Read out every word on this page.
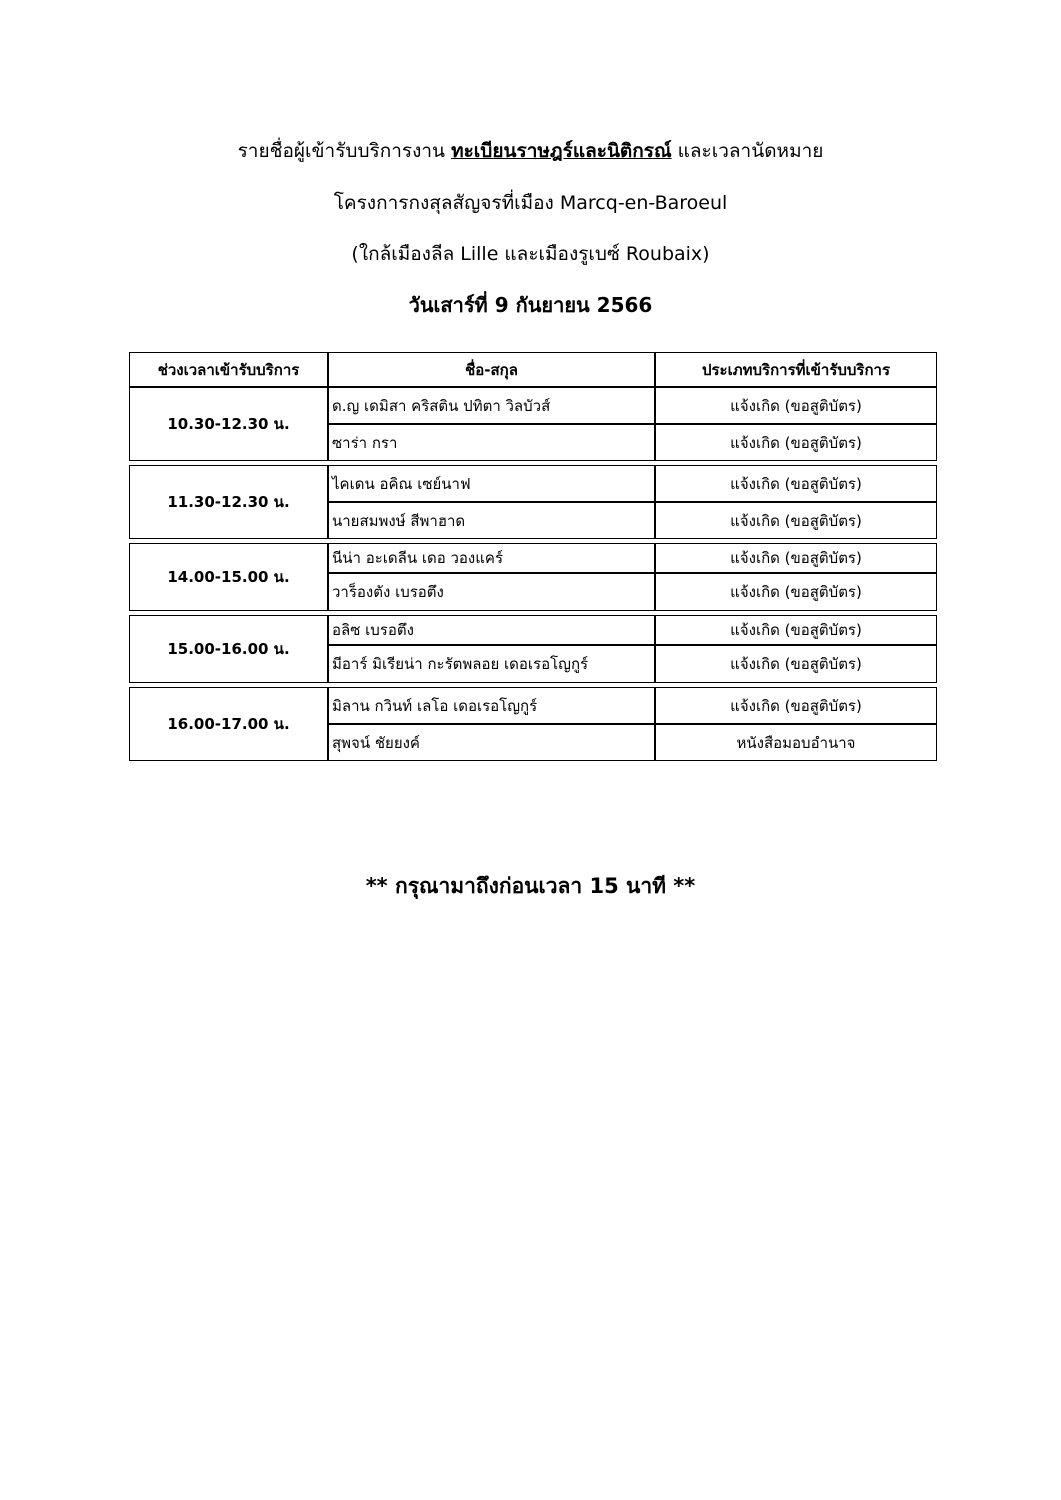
รายชื่อผู้เข้ารับบริการงาน ทะเบียนราษฎร์และนิติกรณ์ และเวลานัดหมาย
โครงการกงสุลสัญจรที่เมือง Marcq-en-Baroeul
(ใกล้เมืองลีล Lille และเมืองรูเบซ์ Roubaix)
วันเสาร์ที่ 9 กันยายน 2566
ช่วงเวลาเข้ารับบริการ	ชื่อ-สกุล	ประเภทบริการที่เข้ารับบริการ
10.30-12.30 น.
ด.ญ เดมิสา คริสติน ปทิตา วิลบัวส์	แจ้งเกิด (ขอสูติบัตร)
ซาร่า กรา	แจ้งเกิด (ขอสูติบัตร)
11.30-12.30 น.
ไคเดน อคิณ เซย์นาฟ	แจ้งเกิด (ขอสูติบัตร)
นายสมพงษ์ สีพาฮาด	แจ้งเกิด (ขอสูติบัตร)
14.00-15.00 น.
นีน่า อะเดลีน เดอ วองแคร์	แจ้งเกิด (ขอสูติบัตร)
วาร็องตัง เบรอตึง	แจ้งเกิด (ขอสูติบัตร)
15.00-16.00 น.
อลิซ เบรอตึง	แจ้งเกิด (ขอสูติบัตร)
มีอาร์ มิเรียน่า กะรัตพลอย เดอเรอโญกูร์	แจ้งเกิด (ขอสูติบัตร)
16.00-17.00 น.
มิลาน กวินท์ เลโอ เดอเรอโญกูร์	แจ้งเกิด (ขอสูติบัตร)
สุพจน์ ชัยยงค์	หนังสือมอบอำนาจ
** กรุณามาถึงก่อนเวลา 15 นาที **
